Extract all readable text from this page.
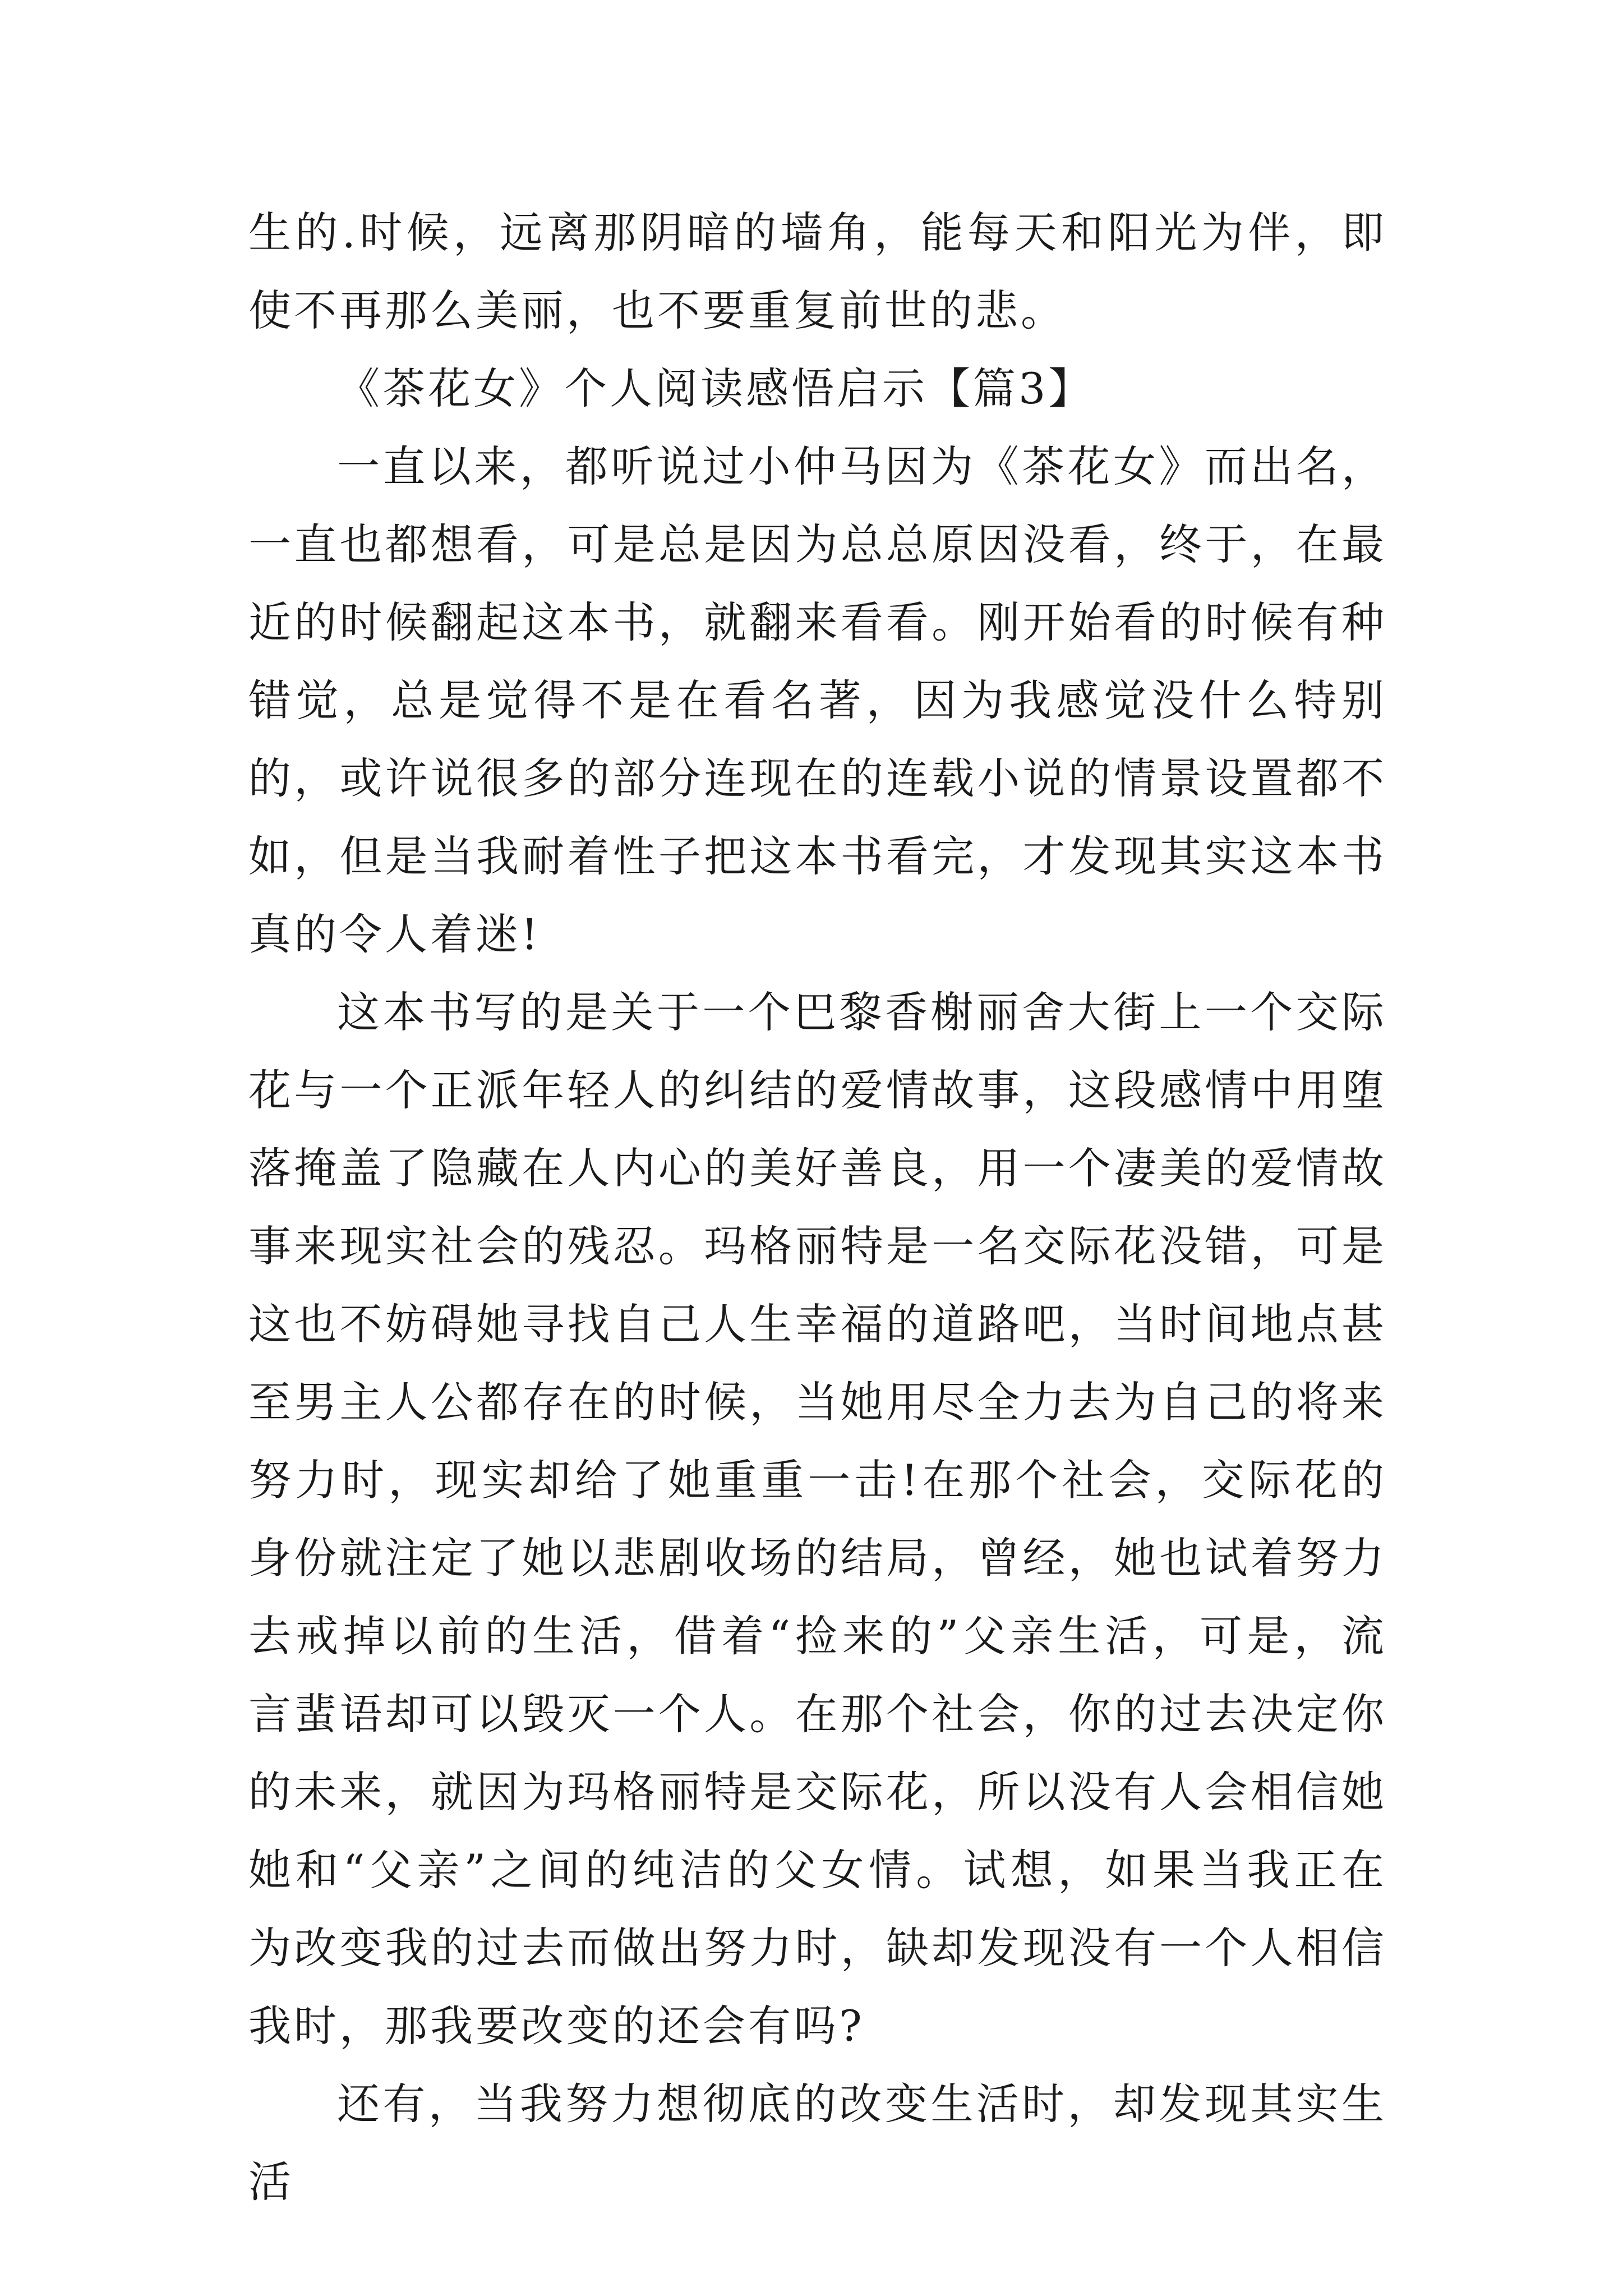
生的.时候，远离那阴暗的墙角，能每天和阳光为伴，即使不再那么美丽，也不要重复前世的悲。

《茶花女》个人阅读感悟启示【篇3】

一直以来，都听说过小仲马因为《茶花女》而出名，一直也都想看，可是总是因为总总原因没看，终于，在最近的时候翻起这本书，就翻来看看。刚开始看的时候有种错觉，总是觉得不是在看名著，因为我感觉没什么特别的，或许说很多的部分连现在的连载小说的情景设置都不如，但是当我耐着性子把这本书看完，才发现其实这本书真的令人着迷!

这本书写的是关于一个巴黎香榭丽舍大街上一个交际花与一个正派年轻人的纠结的爱情故事，这段感情中用堕落掩盖了隐藏在人内心的美好善良，用一个凄美的爱情故事来现实社会的残忍。玛格丽特是一名交际花没错，可是这也不妨碍她寻找自己人生幸福的道路吧，当时间地点甚至男主人公都存在的时候，当她用尽全力去为自己的将来努力时，现实却给了她重重一击!在那个社会，交际花的身份就注定了她以悲剧收场的结局，曾经，她也试着努力去戒掉以前的生活，借着“捡来的”父亲生活，可是，流言蜚语却可以毁灭一个人。在那个社会，你的过去决定你的未来，就因为玛格丽特是交际花，所以没有人会相信她她和“父亲”之间的纯洁的父女情。试想，如果当我正在为改变我的过去而做出努力时，缺却发现没有一个人相信我时，那我要改变的还会有吗?

还有，当我努力想彻底的改变生活时，却发现其实生活
